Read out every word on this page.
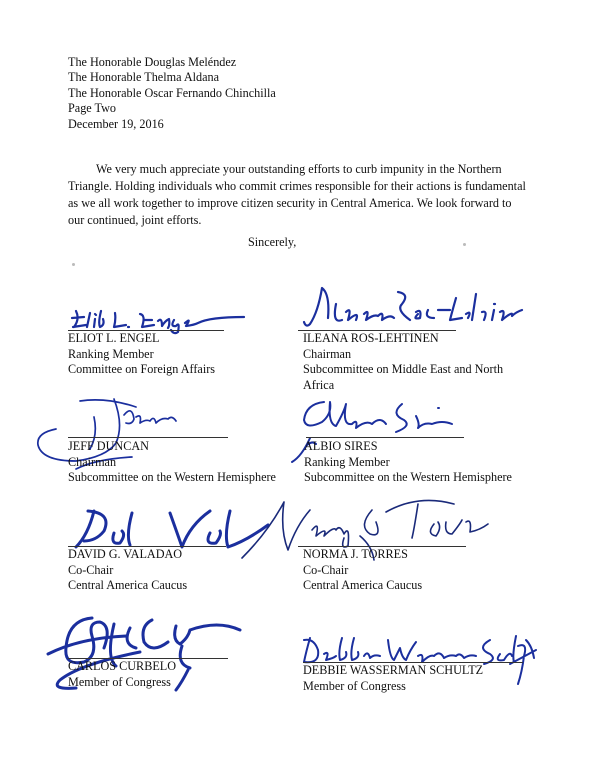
The Honorable Douglas Meléndez
The Honorable Thelma Aldana
The Honorable Oscar Fernando Chinchilla
Page Two
December 19, 2016

We very much appreciate your outstanding efforts to curb impunity in the Northern Triangle. Holding individuals who commit crimes responsible for their actions is fundamental as we all work together to improve citizen security in Central America. We look forward to our continued, joint efforts.

Sincerely,
ELIOT L. ENGEL
Ranking Member
Committee on Foreign Affairs
ILEANA ROS-LEHTINEN
Chairman
Subcommittee on Middle East and North Africa
JEFF DUNCAN
Chairman
Subcommittee on the Western Hemisphere
ALBIO SIRES
Ranking Member
Subcommittee on the Western Hemisphere
DAVID G. VALADAO
Co-Chair
Central America Caucus
NORMA J. TORRES
Co-Chair
Central America Caucus
CARLOS CURBELO
Member of Congress
DEBBIE WASSERMAN SCHULTZ
Member of Congress
